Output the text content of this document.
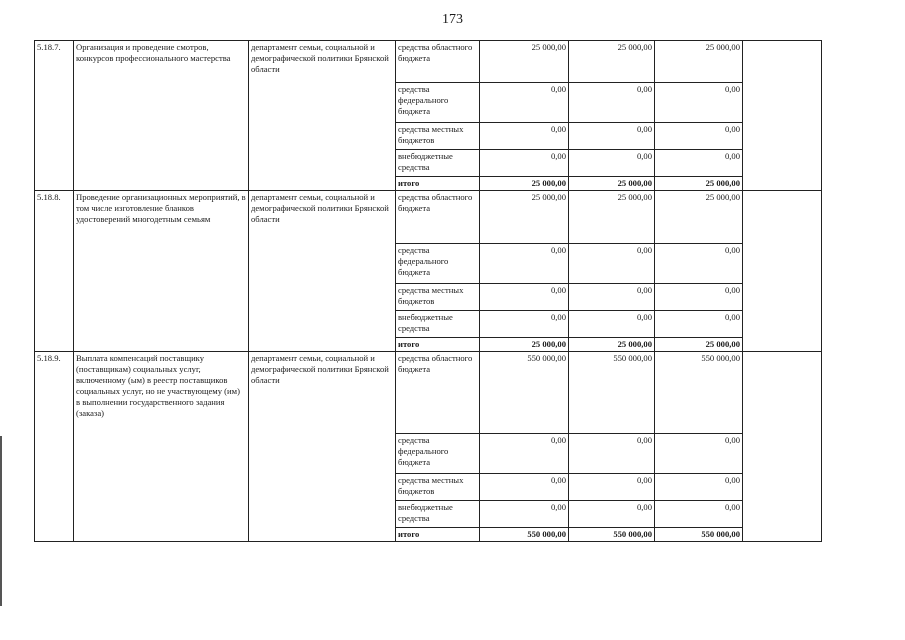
173
5.18.7.	Организация и проведение смотров, конкурсов профессионального мастерства	департамент семьи, социальной и демографической политики Брянской области	средства областного бюджета	25 000,00	25 000,00	25 000,00	
			средства федерального бюджета	0,00	0,00	0,00	
			средства местных бюджетов	0,00	0,00	0,00	
			внебюджетные средства	0,00	0,00	0,00	
			итого	25 000,00	25 000,00	25 000,00	
5.18.8.	Проведение организационных мероприятий, в том числе изготовление бланков удостоверений многодетным семьям	департамент семьи, социальной и демографической политики Брянской области	средства областного бюджета	25 000,00	25 000,00	25 000,00	
			средства федерального бюджета	0,00	0,00	0,00	
			средства местных бюджетов	0,00	0,00	0,00	
			внебюджетные средства	0,00	0,00	0,00	
			итого	25 000,00	25 000,00	25 000,00	
5.18.9.	Выплата компенсаций поставщику (поставщикам) социальных услуг, включенному (ым) в реестр поставщиков социальных услуг, но не участвующему (им) в выполнении государственного задания (заказа)	департамент семьи, социальной и демографической политики Брянской области	средства областного бюджета	550 000,00	550 000,00	550 000,00	
			средства федерального бюджета	0,00	0,00	0,00	
			средства местных бюджетов	0,00	0,00	0,00	
			внебюджетные средства	0,00	0,00	0,00	
			итого	550 000,00	550 000,00	550 000,00	
